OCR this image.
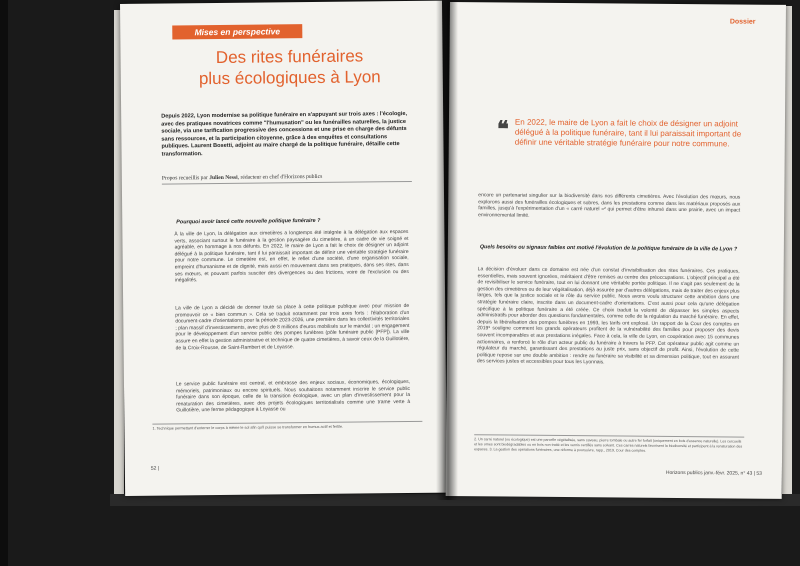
Mises en perspective
Des rites funéraires
plus écologiques à Lyon
Depuis 2022, Lyon modernise sa politique funéraire en s'appuyant sur trois axes : l'écologie, avec des pratiques novatrices comme "l'humusation" ou les funérailles naturelles, la justice sociale, via une tarification progressive des concessions et une prise en charge des défunts sans ressources, et la participation citoyenne, grâce à des enquêtes et consultations publiques. Laurent Bosetti, adjoint au maire chargé de la politique funéraire, détaille cette transformation.
Propos recueillis par Julien Nessi, rédacteur en chef d'Horizons publics
Pourquoi avoir lancé cette nouvelle politique funéraire ?
À la ville de Lyon, la délégation aux cimetières a longtemps été intégrée à la délégation aux espaces verts, associant surtout le funéraire à la gestion paysagère du cimetière, à un cadre de vie soigné et agréable, en hommage à nos défunts. En 2022, le maire de Lyon a fait le choix de désigner un adjoint délégué à la politique funéraire, tant il lui paraissait important de définir une véritable stratégie funéraire pour notre commune. Le cimetière est, en effet, le reflet d'une société, d'une organisation sociale, empreint d'humanisme et de dignité, mais aussi en mouvement dans ses pratiques, dans ses rites, dans ses mœurs, et pouvant parfois susciter des divergences ou des frictions, voire de l'exclusion ou des inégalités.
La ville de Lyon a décidé de donner toute sa place à cette politique publique avec pour mission de promouvoir ce « bien commun ». Cela se traduit notamment par trois axes forts : l'élaboration d'un document-cadre d'orientations pour la période 2023-2026, une première dans les collectivités territoriales ; plan massif d'investissements, avec plus de 8 millions d'euros mobilisés sur le mandat ; un engagement pour le développement d'un service public des pompes funèbres (pôle funéraire public [PFP]). La ville assure en effet la gestion administrative et technique de quatre cimetières, à savoir ceux de la Guillotière, de la Croix-Rousse, de Saint-Rambert et de Loyasse.
Le service public funéraire est central, et embrasse des enjeux sociaux, économiques, écologiques, mémoriels, patrimoniaux ou encore spirituels. Nous souhaitons notamment inscrire le service public funéraire dans son époque, celle de la transition écologique, avec un plan d'investissement pour la renaturation des cimetières, avec des projets écologiques territorialisés comme une trame verte à Guillotière, une ferme pédagogique à Loyasse ou
1. Technique permettant d'enterrer le corps à même le sol afin qu'il puisse se transformer en humus actif et fertile.
52 |
Dossier
❝ En 2022, le maire de Lyon a fait le choix de désigner un adjoint délégué à la politique funéraire, tant il lui paraissait important de définir une véritable stratégie funéraire pour notre commune.
encore un partenariat singulier sur la biodiversité dans nos différents cimetières. Avec l'évolution des mœurs, nous explorons aussi des funérailles écologiques et sobres, dans les prestations comme dans les matériaux proposés aux familles, jusqu'à l'expérimentation d'un « carré naturel »² qui permet d'être inhumé dans une prairie, avec un impact environnemental limité.
Quels besoins ou signaux faibles ont motivé l'évolution de la politique funéraire de la ville de Lyon ?
La décision d'évoluer dans ce domaine est née d'un constat d'invisibilisation des rites funéraires. Ces pratiques, essentielles, mais souvent ignorées, méritaient d'être remises au centre des préoccupations. L'objectif principal a été de revisibiliser le service funéraire, tout en lui donnant une véritable portée politique. Il ne s'agit pas seulement de la gestion des cimetières ou de leur végétalisation, déjà assurée par d'autres délégations, mais de traiter des enjeux plus larges, tels que la justice sociale et le rôle du service public. Nous avons voulu structurer cette ambition dans une stratégie funéraire claire, inscrite dans un document-cadre d'orientations. C'est aussi pour cela qu'une délégation spécifique à la politique funéraire a été créée. Ce choix traduit la volonté de dépasser les simples aspects administratifs pour aborder des questions fondamentales, comme celle de la régulation du marché funéraire. En effet, depuis la libéralisation des pompes funèbres en 1993, les tarifs ont explosé. Un rapport de la Cour des comptes en 2019³ souligne comment les grands opérateurs profitent de la vulnérabilité des familles pour proposer des devis souvent incomparables et aux prestations inégales. Face à cela, la ville de Lyon, en coopération avec 15 communes actionnaires, a renforcé le rôle d'un acteur public du funéraire à travers la PFP. Cet opérateur public agit comme un régulateur du marché, garantissant des prestations au juste prix, sans objectif de profit. Ainsi, l'évolution de cette politique repose sur une double ambition : rendre au funéraire sa visibilité et sa dimension politique, tout en assurant des services justes et accessibles pour tous les Lyonnais.
2. Un carré naturel (ou écologique) est une parcelle végétalisée, sans caveau, pierre tombale ou autre fer forfait (uniquement en bois d'essence naturelle). Les cercueils et les urnes sont biodégradables ou en bois non traité et les vernis certifiés sans solvant. Ces carrés naturels favorisent la biodiversité et participent à la renaturation des espaces. 3. La gestion des opérations funéraires, une réforme à poursuivre, rapp., 2019, Cour des comptes.
Horizons publics janv.-févr. 2025, n° 43 | 53
